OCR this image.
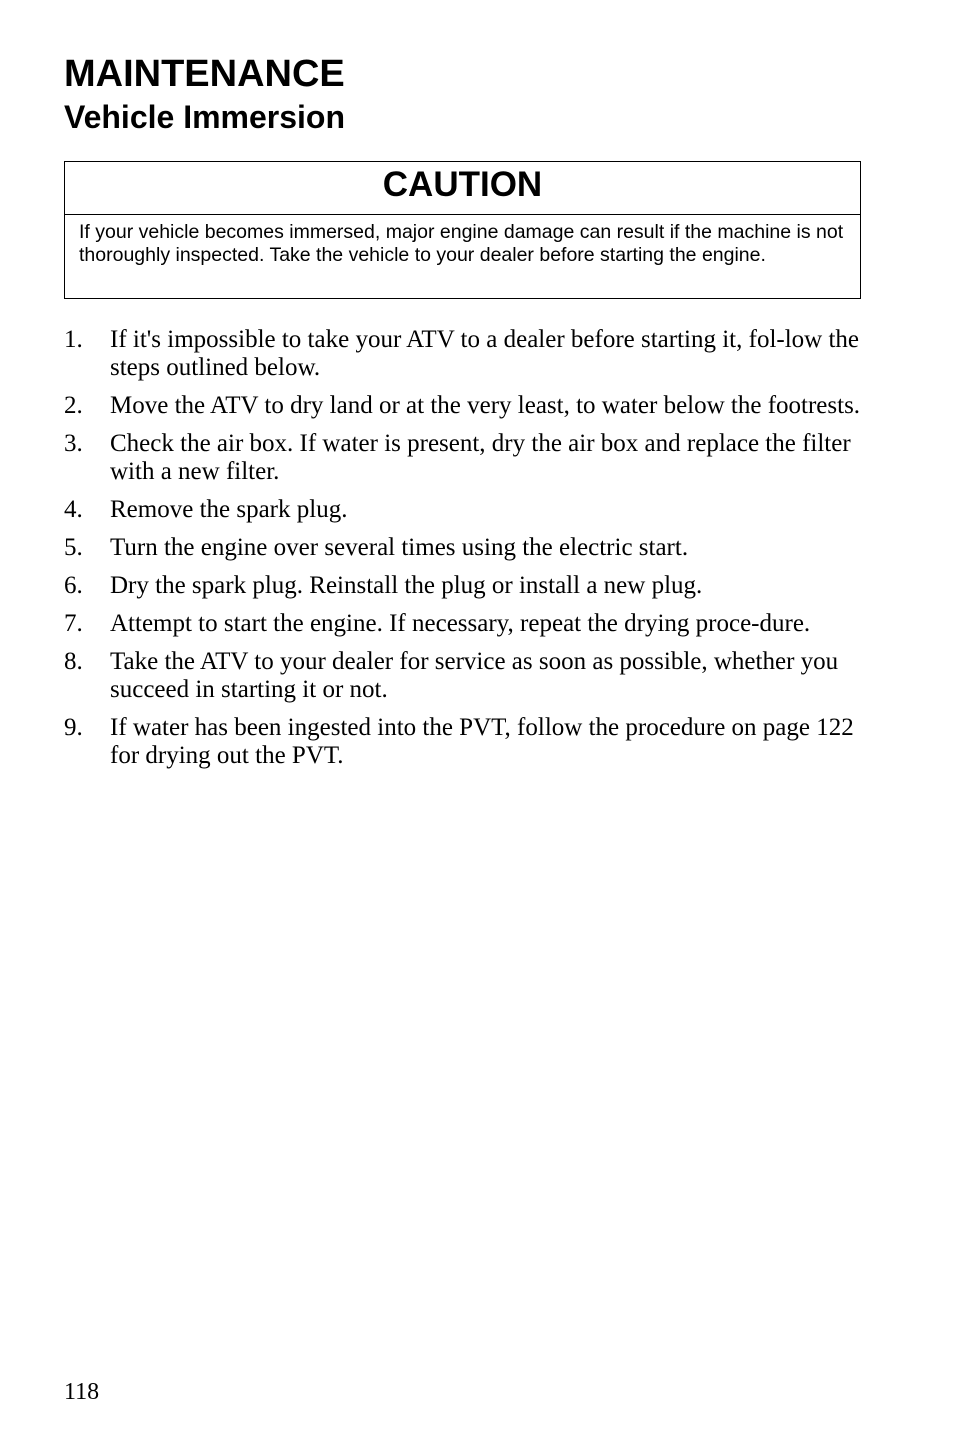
MAINTENANCE
Vehicle Immersion
CAUTION
If your vehicle becomes immersed, major engine damage can result if the machine is not thoroughly inspected. Take the vehicle to your dealer before starting the engine.
1. If it's impossible to take your ATV to a dealer before starting it, fol-low the steps outlined below.
2. Move the ATV to dry land or at the very least, to water below the footrests.
3. Check the air box. If water is present, dry the air box and replace the filter with a new filter.
4. Remove the spark plug.
5. Turn the engine over several times using the electric start.
6. Dry the spark plug. Reinstall the plug or install a new plug.
7. Attempt to start the engine. If necessary, repeat the drying proce-dure.
8. Take the ATV to your dealer for service as soon as possible, whether you succeed in starting it or not.
9. If water has been ingested into the PVT, follow the procedure on page 122 for drying out the PVT.
118
